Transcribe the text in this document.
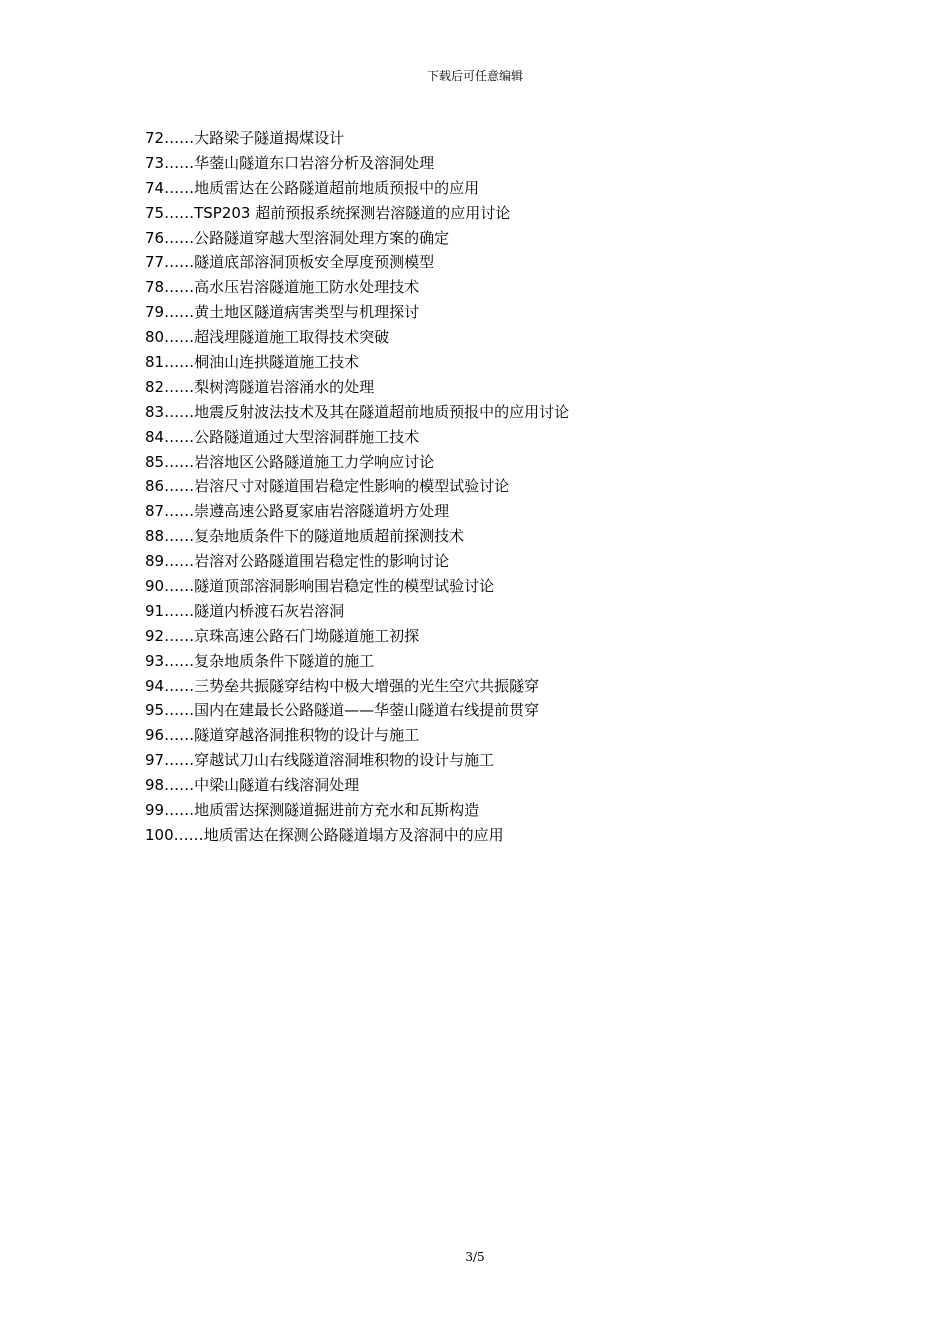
下载后可任意编辑
72……大路梁子隧道揭煤设计
73……华蓥山隧道东口岩溶分析及溶洞处理
74……地质雷达在公路隧道超前地质预报中的应用
75……TSP203 超前预报系统探测岩溶隧道的应用讨论
76……公路隧道穿越大型溶洞处理方案的确定
77……隧道底部溶洞顶板安全厚度预测模型
78……高水压岩溶隧道施工防水处理技术
79……黄土地区隧道病害类型与机理探讨
80……超浅埋隧道施工取得技术突破
81……桐油山连拱隧道施工技术
82……梨树湾隧道岩溶涌水的处理
83……地震反射波法技术及其在隧道超前地质预报中的应用讨论
84……公路隧道通过大型溶洞群施工技术
85……岩溶地区公路隧道施工力学响应讨论
86……岩溶尺寸对隧道围岩稳定性影响的模型试验讨论
87……崇遵高速公路夏家庙岩溶隧道坍方处理
88……复杂地质条件下的隧道地质超前探测技术
89……岩溶对公路隧道围岩稳定性的影响讨论
90……隧道顶部溶洞影响围岩稳定性的模型试验讨论
91……隧道内桥渡石灰岩溶洞
92……京珠高速公路石门坳隧道施工初探
93……复杂地质条件下隧道的施工
94……三势垒共振隧穿结构中极大增强的光生空穴共振隧穿
95……国内在建最长公路隧道——华蓥山隧道右线提前贯穿
96……隧道穿越洛洞推积物的设计与施工
97……穿越试刀山右线隧道溶洞堆积物的设计与施工
98……中梁山隧道右线溶洞处理
99……地质雷达探测隧道掘进前方充水和瓦斯构造
100……地质雷达在探测公路隧道塌方及溶洞中的应用
3/5
